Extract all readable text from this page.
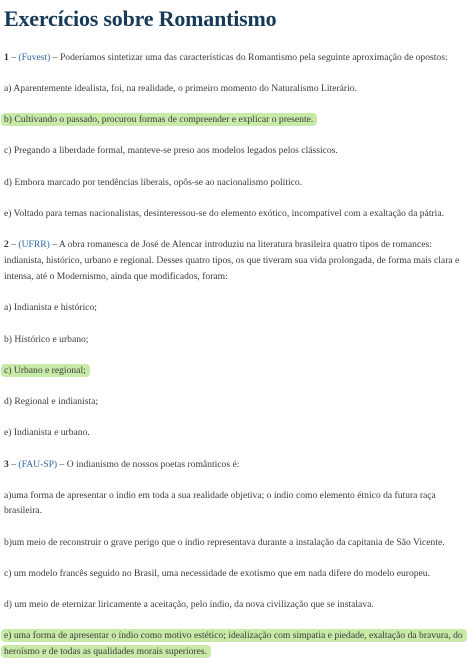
Exercícios sobre Romantismo
1 – (Fuvest) – Poderíamos sintetizar uma das características do Romantismo pela seguinte aproximação de opostos:
a) Aparentemente idealista, foi, na realidade, o primeiro momento do Naturalismo Literário.
b) Cultivando o passado, procurou formas de compreender e explicar o presente.
c) Pregando a liberdade formal, manteve-se preso aos modelos legados pelos clássicos.
d) Embora marcado por tendências liberais, opôs-se ao nacionalismo político.
e) Voltado para temas nacionalistas, desinteressou-se do elemento exótico, incompatível com a exaltação da pátria.
2 – (UFRR) – A obra romanesca de José de Alencar introduziu na literatura brasileira quatro tipos de romances:
indianista, histórico, urbano e regional. Desses quatro tipos, os que tiveram sua vida prolongada, de forma mais clara e
intensa, até o Modernismo, ainda que modificados, foram:
a) Indianista e histórico;
b) Histórico e urbano;
c) Urbano e regional;
d) Regional e indianista;
e) Indianista e urbano.
3 – (FAU-SP) – O indianismo de nossos poetas românticos é:
a)uma forma de apresentar o índio em toda a sua realidade objetiva; o índio como elemento étnico da futura raça
brasileira.
b)um meio de reconstruir o grave perigo que o índio representava durante a instalação da capitania de São Vicente.
c) um modelo francês seguido no Brasil, uma necessidade de exotismo que em nada difere do modelo europeu.
d) um meio de eternizar liricamente a aceitação, pelo índio, da nova civilização que se instalava.
e) uma forma de apresentar o índio como motivo estético; idealização com simpatia e piedade, exaltação da bravura, do
heroísmo e de todas as qualidades morais superiores.
